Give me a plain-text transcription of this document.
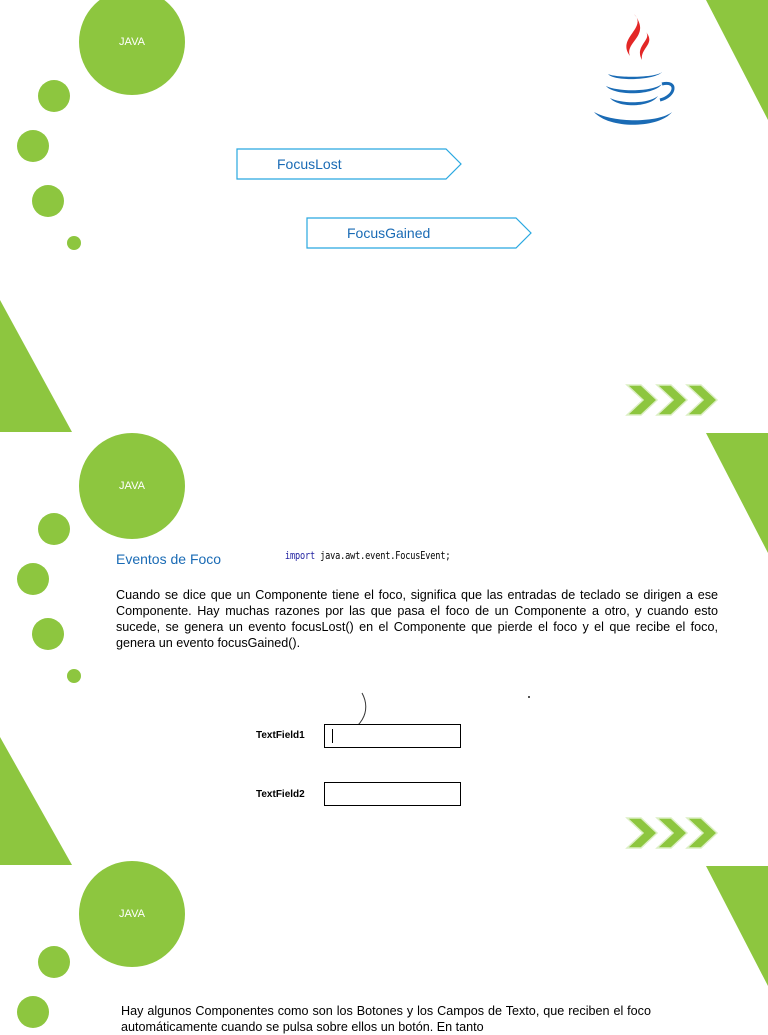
JAVA
FocusLost
FocusGained
JAVA
Eventos de Foco	import java.awt.event.FocusEvent;
Cuando se dice que un Componente tiene el foco, significa que las entradas de teclado se dirigen a ese Componente. Hay muchas razones por las que pasa el foco de un Componente a otro, y cuando esto sucede, se genera un evento focusLost() en el Componente que pierde el foco y el que recibe el foco, genera un evento focusGained().
TextField1
TextField2
JAVA
Hay algunos Componentes como son los Botones y los Campos de Texto, que reciben el foco automáticamente cuando se pulsa sobre ellos un botón. En tanto
